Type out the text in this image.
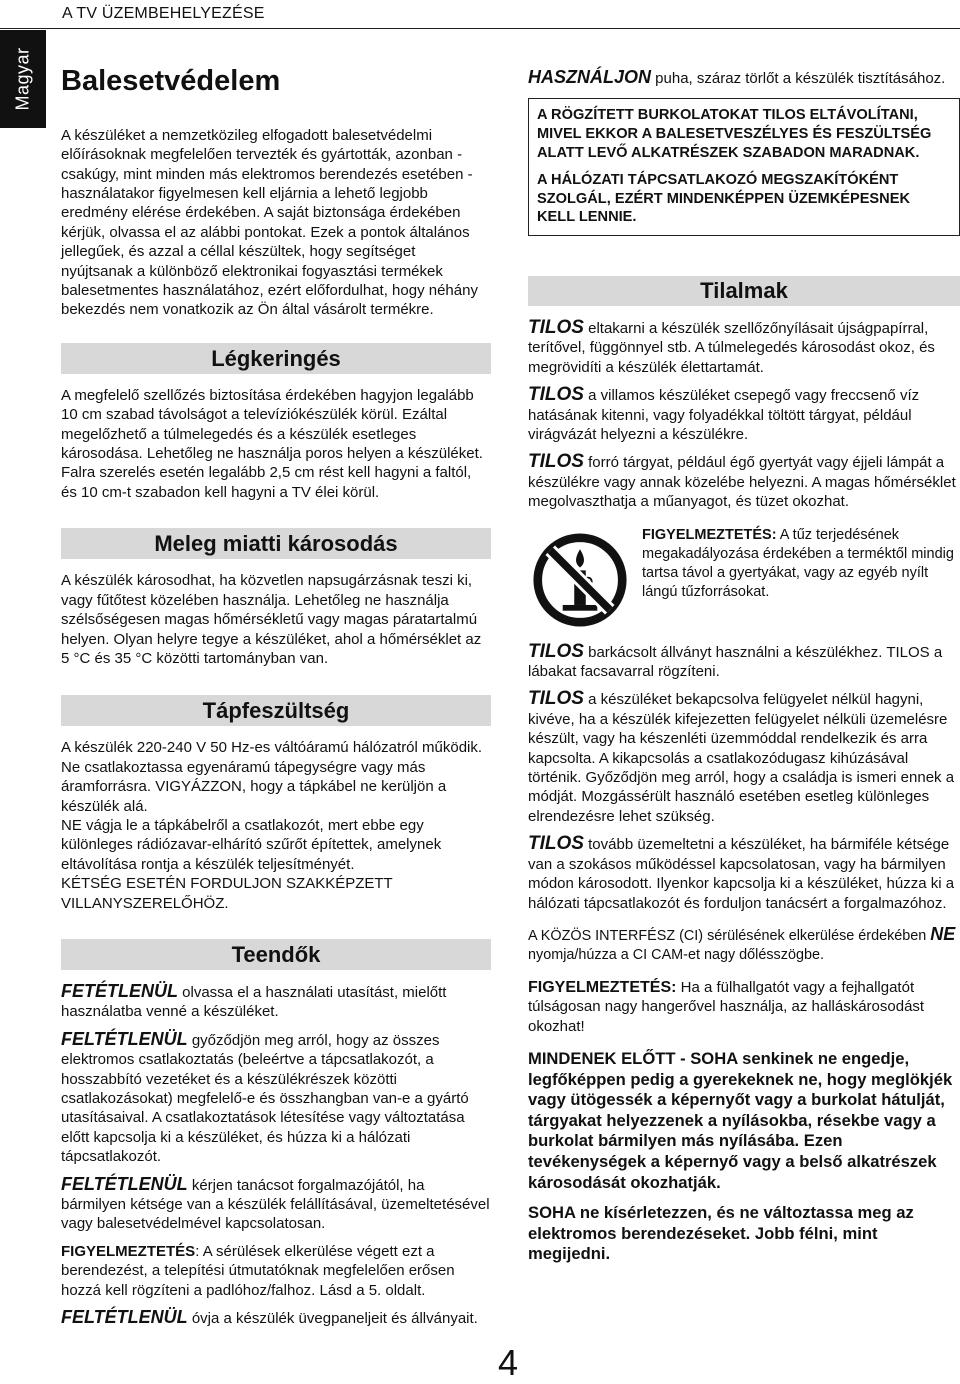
A TV ÜZEMBEHELYEZÉSE
Magyar Balesetvédelem

A készüléket a nemzetközileg elfogadott balesetvédelmi előírásoknak megfelelően tervezték és gyártották, azonban - csakúgy, mint minden más elektromos berendezés esetében - használatakor figyelmesen kell eljárnia a lehető legjobb eredmény elérése érdekében. A saját biztonsága érdekében kérjük, olvassa el az alábbi pontokat. Ezek a pontok általános jellegűek, és azzal a céllal készültek, hogy segítséget nyújtsanak a különböző elektronikai fogyasztási termékek balesetmentes használatához, ezért előfordulhat, hogy néhány bekezdés nem vonatkozik az Ön által vásárolt termékre.

Légkeringés

A megfelelő szellőzés biztosítása érdekében hagyjon legalább 10 cm szabad távolságot a televíziókészülék körül. Ezáltal megelőzhető a túlmelegedés és a készülék esetleges károsodása. Lehetőleg ne használja poros helyen a készüléket. Falra szerelés esetén legalább 2,5 cm rést kell hagyni a faltól, és 10 cm-t szabadon kell hagyni a TV élei körül.

Meleg miatti károsodás

A készülék károsodhat, ha közvetlen napsugárzásnak teszi ki, vagy fűtőtest közelében használja. Lehetőleg ne használja szélsőségesen magas hőmérsékletű vagy magas páratartalmú helyen. Olyan helyre tegye a készüléket, ahol a hőmérséklet az 5 °C és 35 °C közötti tartományban van.

Tápfeszültség

A készülék 220-240 V 50 Hz-es váltóáramú hálózatról működik. Ne csatlakoztassa egyenáramú tápegységre vagy más áramforrásra. VIGYÁZZON, hogy a tápkábel ne kerüljön a készülék alá.

NE vágja le a tápkábelről a csatlakozót, mert ebbe egy különleges rádiózavar-elhárító szűrőt építettek, amelynek eltávolítása rontja a készülék teljesítményét.

KÉTSÉG ESETÉN FORDULJON SZAKKÉPZETT VILLANYSZERELŐHÖZ.

Teendők

FETÉTLENÜL olvassa el a használati utasítást, mielőtt használatba venné a készüléket.

FELTÉTLENÜL győződjön meg arról, hogy az összes elektromos csatlakoztatás (beleértve a tápcsatlakozót, a hosszabbító vezetéket és a készülékrészek közötti csatlakozásokat) megfelelő-e és összhangban van-e a gyártó utasításaival. A csatlakoztatások létesítése vagy változtatása előtt kapcsolja ki a készüléket, és húzza ki a hálózati tápcsatlakozót.

FELTÉTLENÜL kérjen tanácsot forgalmazójától, ha bármilyen kétsége van a készülék felállításával, üzemeltetésével vagy balesetvédelmével kapcsolatosan.

FIGYELMEZTETÉS: A sérülések elkerülése végett ezt a berendezést, a telepítési útmutatóknak megfelelően erősen hozzá kell rögzíteni a padlóhoz/falhoz. Lásd a 5. oldalt.

FELTÉTLENÜL óvja a készülék üvegpaneljeit és állványait.

HASZNÁLJON puha, száraz törlőt a készülék tisztításához.

A RÖGZÍTETT BURKOLATOKAT TILOS ELTÁVOLÍTANI, MIVEL EKKOR A BALESETVESZÉLYES ÉS FESZÜLTSÉG ALATT LEVŐ ALKATRÉSZEK SZABADON MARADNAK.

A HÁLÓZATI TÁPCSATLAKOZÓ MEGSZAKÍTÓKÉNT SZOLGÁL, EZÉRT MINDENKÉPPEN ÜZEMKÉPESNEK KELL LENNIE.

Tilalmak

TILOS eltakarni a készülék szellőzőnyílásait újságpapírral, terítővel, függönnyel stb. A túlmelegedés károsodást okoz, és megrövidíti a készülék élettartamát.

TILOS a villamos készüléket csepegő vagy freccsenő víz hatásának kitenni, vagy folyadékkal töltött tárgyat, például virágvázát helyezni a készülékre.

TILOS forró tárgyat, például égő gyertyát vagy éjjeli lámpát a készülékre vagy annak közelébe helyezni. A magas hőmérséklet megolvaszthatja a műanyagot, és tüzet okozhat.

FIGYELMEZTETÉS: A tűz terjedésének megakadályozása érdekében a terméktől mindig tartsa távol a gyertyákat, vagy az egyéb nyílt lángú tűzforrásokat.

TILOS barkácsolt állványt használni a készülékhez. TILOS a lábakat facsavarral rögzíteni.

TILOS a készüléket bekapcsolva felügyelet nélkül hagyni, kivéve, ha a készülék kifejezetten felügyelet nélküli üzemelésre készült, vagy ha készenléti üzemmóddal rendelkezik és arra kapcsolta. A kikapcsolás a csatlakozódugasz kihúzásával történik. Győződjön meg arról, hogy a családja is ismeri ennek a módját. Mozgássérült használó esetében esetleg különleges elrendezésre lehet szükség.

TILOS tovább üzemeltetni a készüléket, ha bármiféle kétsége van a szokásos működéssel kapcsolatosan, vagy ha bármilyen módon károsodott. Ilyenkor kapcsolja ki a készüléket, húzza ki a hálózati tápcsatlakozót és forduljon tanácsért a forgalmazóhoz.

A KÖZÖS INTERFÉSZ (CI) sérülésének elkerülése érdekében NE nyomja/húzza a CI CAM-et nagy dőlésszögbe.

FIGYELMEZTETÉS: Ha a fülhallgatót vagy a fejhallgatót túlságosan nagy hangerővel használja, az halláskárosodást okozhat!

MINDENEK ELŐTT - SOHA senkinek ne engedje, legfőképpen pedig a gyerekeknek ne, hogy meglökjék vagy ütögessék a képernyőt vagy a burkolat hátulját, tárgyakat helyezzenek a nyílásokba, résekbe vagy a burkolat bármilyen más nyílásába. Ezen tevékenységek a képernyő vagy a belső alkatrészek károsodását okozhatják.

SOHA ne kísérletezzen, és ne változtassa meg az elektromos berendezéseket. Jobb félni, mint megijedni.

4
